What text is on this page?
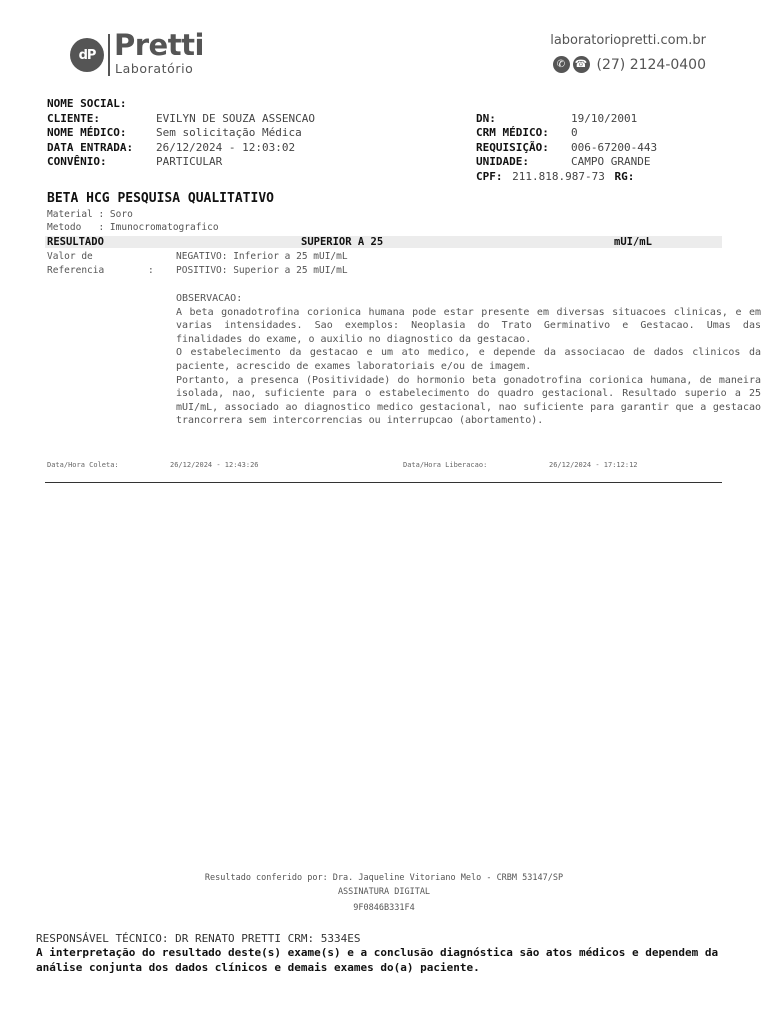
dP Pretti
Laboratório
laboratoriopretti.com.br
✆ ☎ (27) 2124-0400
NOME SOCIAL:
CLIENTE:	EVILYN DE SOUZA ASSENCAO
NOME MÉDICO:	Sem solicitação Médica
DATA ENTRADA: 26/12/2024 - 12:03:02
CONVÊNIO:	PARTICULAR
DN:	19/10/2001
CRM MÉDICO: 0
REQUISIÇÃO: 006-67200-443
UNIDADE:	CAMPO GRANDE
CPF: 211.818.987-73 RG:
BETA HCG PESQUISA QUALITATIVO
Material : Soro
Metodo   : Imunocromatografico
RESULTADO	SUPERIOR A 25	mUI/mL
Valor de
Referencia	:
NEGATIVO: Inferior a 25 mUI/mL
POSITIVO: Superior a 25 mUI/mL

OBSERVACAO:

A beta gonadotrofina corionica humana pode estar presente em diversas situacoes clinicas, e em varias intensidades. Sao exemplos: Neoplasia do Trato Germinativo e Gestacao. Umas das finalidades do exame, o auxilio no diagnostico da gestacao.

O estabelecimento da gestacao e um ato medico, e depende da associacao de dados clinicos da paciente, acrescido de exames laboratoriais e/ou de imagem.

Portanto, a presenca (Positividade) do hormonio beta gonadotrofina corionica humana, de maneira isolada, nao, suficiente para o estabelecimento do quadro gestacional. Resultado superio a 25 mUI/mL, associado ao diagnostico medico gestacional, nao suficiente para garantir que a gestacao trancorrera sem intercorrencias ou interrupcao (abortamento).

Data/Hora Coleta:	26/12/2024 - 12:43:26	Data/Hora Liberacao:	26/12/2024 - 17:12:12
Resultado conferido por: Dra. Jaqueline Vitoriano Melo - CRBM 53147/SP
ASSINATURA DIGITAL
9F0846B331F4
RESPONSÁVEL TÉCNICO: DR RENATO PRETTI CRM: 5334ES
A interpretação do resultado deste(s) exame(s) e a conclusão diagnóstica são atos médicos e dependem da análise conjunta dos dados clínicos e demais exames do(a) paciente.
